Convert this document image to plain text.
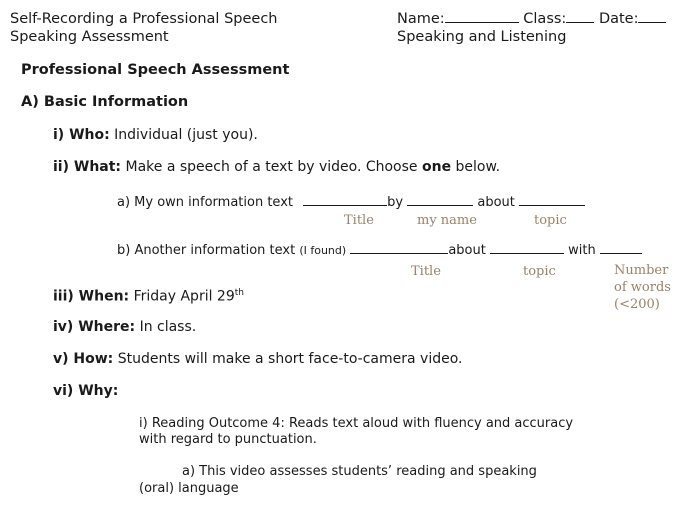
Self-Recording a Professional Speech
Speaking Assessment
Name:	Class: Date:
Speaking and Listening
Professional Speech Assessment
A) Basic Information
i) Who: Individual (just you).
ii) What: Make a speech of a text by video. Choose one below.
a) My own information text	by	about
Title	my name	topic
b) Another information text (I found)	about	with
Title	topic	Number
of words
(<200)
iii) When: Friday April 29th
iv) Where: In class.
v) How: Students will make a short face-to-camera video.
vi) Why:
i) Reading Outcome 4: Reads text aloud with fluency and accuracy
with regard to punctuation.
a) This video assesses students’ reading and speaking
(oral) language
